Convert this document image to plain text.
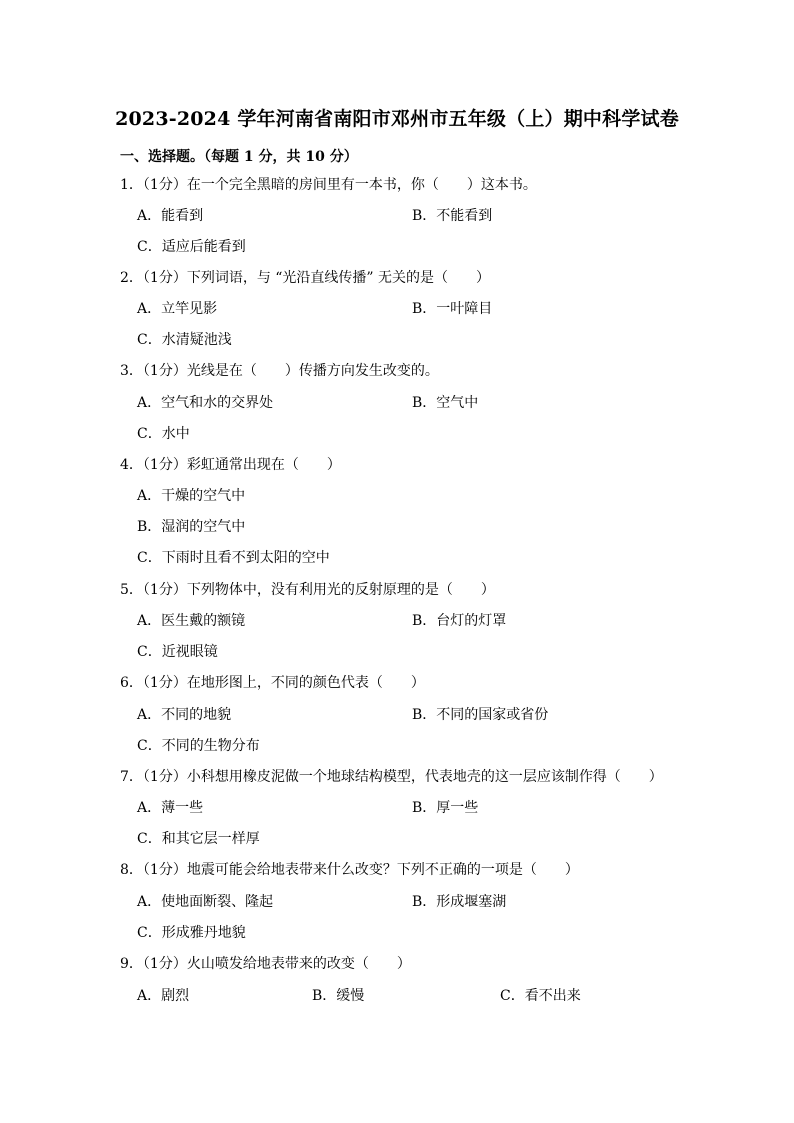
2023-2024 学年河南省南阳市邓州市五年级（上）期中科学试卷
一、选择题。（每题 1 分，共 10 分）
1．（1分）在一个完全黑暗的房间里有一本书，你（　　）这本书。
A．能看到	B．不能看到
C．适应后能看到
2．（1分）下列词语，与 “光沿直线传播” 无关的是（　　）
A．立竿见影	B．一叶障目
C．水清疑池浅
3．（1分）光线是在（　　）传播方向发生改变的。
A．空气和水的交界处	B．空气中
C．水中
4．（1分）彩虹通常出现在（　　）
A．干燥的空气中
B．湿润的空气中
C．下雨时且看不到太阳的空中
5．（1分）下列物体中，没有利用光的反射原理的是（　　）
A．医生戴的额镜	B．台灯的灯罩
C．近视眼镜
6．（1分）在地形图上，不同的颜色代表（　　）
A．不同的地貌	B．不同的国家或省份
C．不同的生物分布
7．（1分）小科想用橡皮泥做一个地球结构模型，代表地壳的这一层应该制作得（　　）
A．薄一些	B．厚一些
C．和其它层一样厚
8．（1分）地震可能会给地表带来什么改变？下列不正确的一项是（　　）
A．使地面断裂、隆起	B．形成堰塞湖
C．形成雅丹地貌
9．（1分）火山喷发给地表带来的改变（　　）
A．剧烈	B．缓慢	C．看不出来
